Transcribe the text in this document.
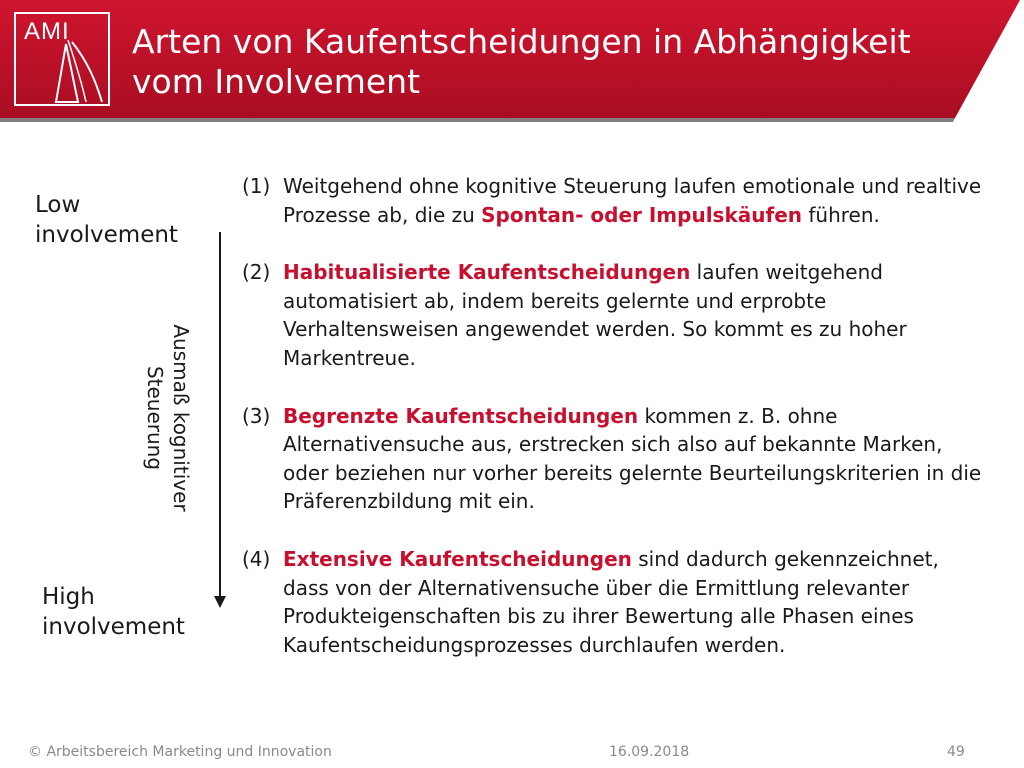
AMI Arten von Kaufentscheidungen in Abhängigkeit vom Involvement
Low involvement
Ausmaß kognitiver Steuerung
High involvement
(1) Weitgehend ohne kognitive Steuerung laufen emotionale und realtive Prozesse ab, die zu Spontan- oder Impulskäufen führen.
(2) Habitualisierte Kaufentscheidungen laufen weitgehend automatisiert ab, indem bereits gelernte und erprobte Verhaltensweisen angewendet werden. So kommt es zu hoher Markentreue.
(3) Begrenzte Kaufentscheidungen kommen z. B. ohne Alternativensuche aus, erstrecken sich also auf bekannte Marken, oder beziehen nur vorher bereits gelernte Beurteilungskriterien in die Präferenzbildung mit ein.
(4) Extensive Kaufentscheidungen sind dadurch gekennzeichnet, dass von der Alternativensuche über die Ermittlung relevanter Produkteigenschaften bis zu ihrer Bewertung alle Phasen eines Kaufentscheidungsprozesses durchlaufen werden.
© Arbeitsbereich Marketing und Innovation	16.09.2018	49
